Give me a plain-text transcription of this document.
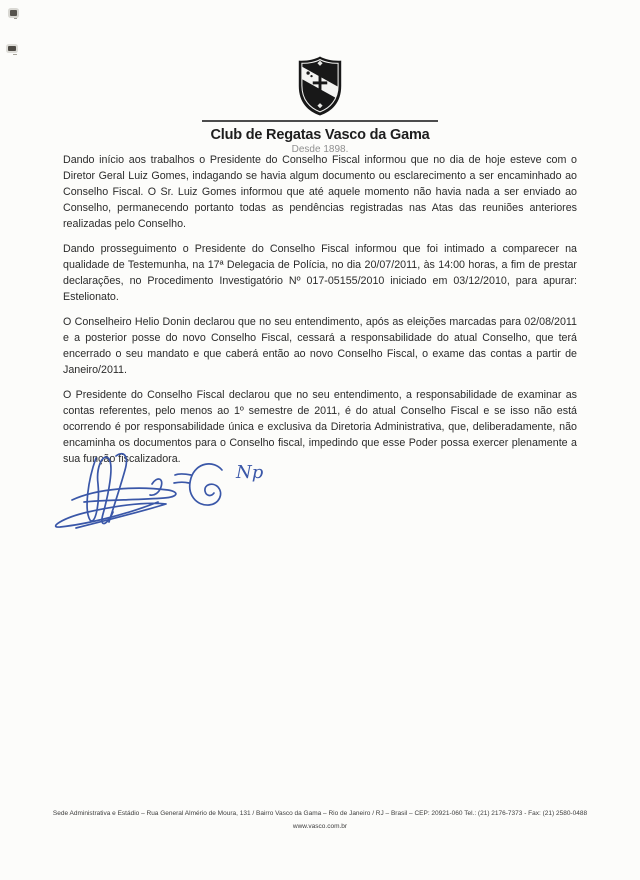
Club de Regatas Vasco da Gama
Desde 1898.

Dando início aos trabalhos o Presidente do Conselho Fiscal informou que no dia de hoje esteve com o Diretor Geral Luiz Gomes, indagando se havia algum documento ou esclarecimento a ser encaminhado ao Conselho Fiscal. O Sr. Luiz Gomes informou que até aquele momento não havia nada a ser enviado ao Conselho, permanecendo portanto todas as pendências registradas nas Atas das reuniões anteriores realizadas pelo Conselho.

Dando prosseguimento o Presidente do Conselho Fiscal informou que foi intimado a comparecer na qualidade de Testemunha, na 17ª Delegacia de Polícia, no dia 20/07/2011, às 14:00 horas, a fim de prestar declarações, no Procedimento Investigatório Nº 017-05155/2010 iniciado em 03/12/2010, para apurar: Estelionato.

O Conselheiro Helio Donin declarou que no seu entendimento, após as eleições marcadas para 02/08/2011 e a posterior posse do novo Conselho Fiscal, cessará a responsabilidade do atual Conselho, que terá encerrado o seu mandato e que caberá então ao novo Conselho Fiscal, o exame das contas a partir de Janeiro/2011.

O Presidente do Conselho Fiscal declarou que no seu entendimento, a responsabilidade de examinar as contas referentes, pelo menos ao 1º semestre de 2011, é do atual Conselho Fiscal e se isso não está ocorrendo é por responsabilidade única e exclusiva da Diretoria Administrativa, que, deliberadamente, não encaminha os documentos para o Conselho fiscal, impedindo que esse Poder possa exercer plenamente a sua função fiscalizadora.

Np
Sede Administrativa e Estádio – Rua General Almério de Moura, 131 / Bairro Vasco da Gama – Rio de Janeiro / RJ – Brasil – CEP: 20921-060 Tel.: (21) 2176-7373 - Fax: (21) 2580-0488
www.vasco.com.br
